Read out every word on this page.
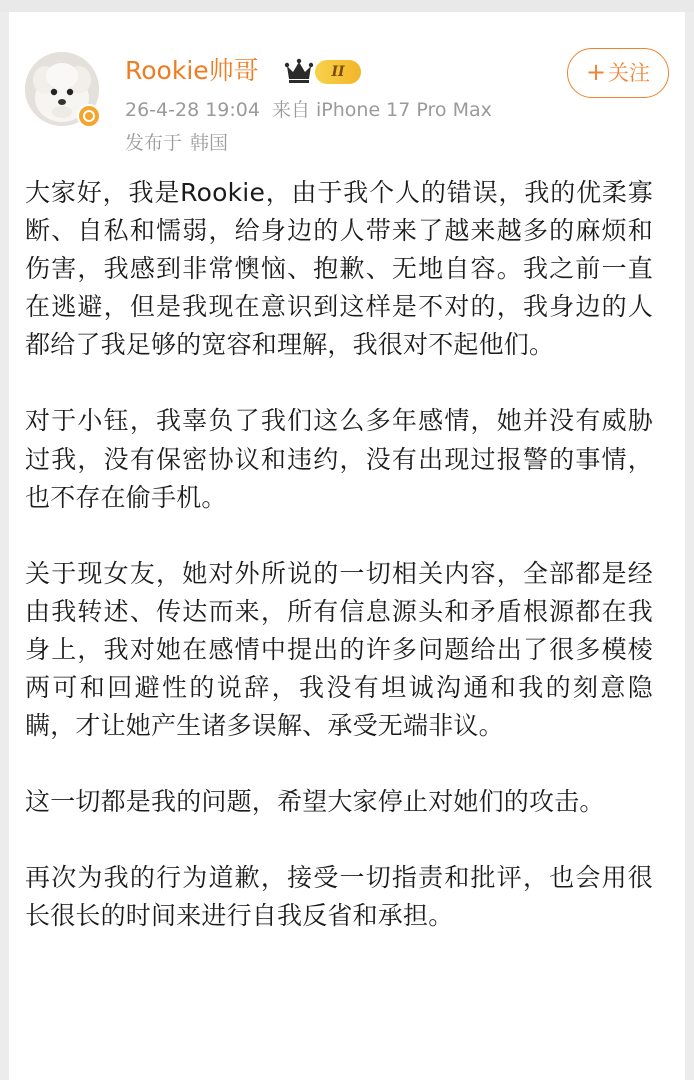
Rookie帅哥	II
26-4-28 19:04 来自 iPhone 17 Pro Max
发布于 韩国
+关注

大家好，我是Rookie，由于我个人的错误，我的优柔寡断、自私和懦弱，给身边的人带来了越来越多的麻烦和伤害，我感到非常懊恼、抱歉、无地自容。我之前一直在逃避，但是我现在意识到这样是不对的，我身边的人都给了我足够的宽容和理解，我很对不起他们。

对于小钰，我辜负了我们这么多年感情，她并没有威胁过我，没有保密协议和违约，没有出现过报警的事情，也不存在偷手机。

关于现女友，她对外所说的一切相关内容，全部都是经由我转述、传达而来，所有信息源头和矛盾根源都在我身上，我对她在感情中提出的许多问题给出了很多模棱两可和回避性的说辞，我没有坦诚沟通和我的刻意隐瞒，才让她产生诸多误解、承受无端非议。

这一切都是我的问题，希望大家停止对她们的攻击。

再次为我的行为道歉，接受一切指责和批评，也会用很长很长的时间来进行自我反省和承担。
